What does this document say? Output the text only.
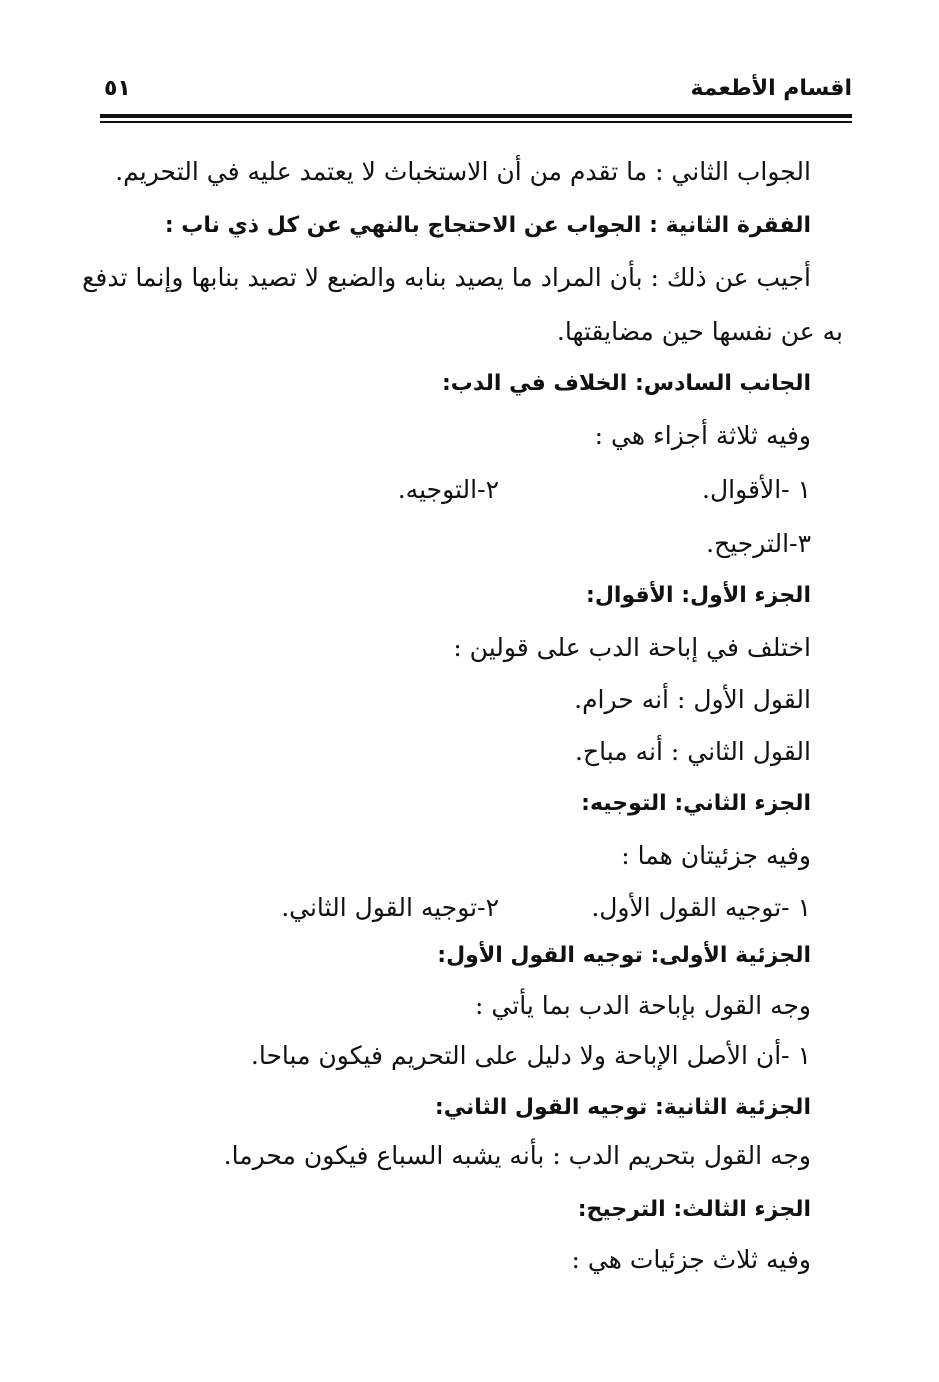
اقسام الأطعمة
٥١
الجواب الثاني : ما تقدم من أن الاستخباث لا يعتمد عليه في التحريم.
الفقرة الثانية : الجواب عن الاحتجاج بالنهي عن كل ذي ناب :
أجيب عن ذلك : بأن المراد ما يصيد بنابه والضبع لا تصيد بنابها وإنما تدفع
به عن نفسها حين مضايقتها.
الجانب السادس: الخلاف في الدب:
وفيه ثلاثة أجزاء هي :
١ -الأقوال.
٢-التوجيه.
٣-الترجيح.
الجزء الأول: الأقوال:
اختلف في إباحة الدب على قولين :
القول الأول : أنه حرام.
القول الثاني : أنه مباح.
الجزء الثاني: التوجيه:
وفيه جزئيتان هما :
١ -توجيه القول الأول.
٢-توجيه القول الثاني.
الجزئية الأولى: توجيه القول الأول:
وجه القول بإباحة الدب بما يأتي :
١ -أن الأصل الإباحة ولا دليل على التحريم فيكون مباحا.
الجزئية الثانية: توجيه القول الثاني:
وجه القول بتحريم الدب : بأنه يشبه السباع فيكون محرما.
الجزء الثالث: الترجيح:
وفيه ثلاث جزئيات هي :
